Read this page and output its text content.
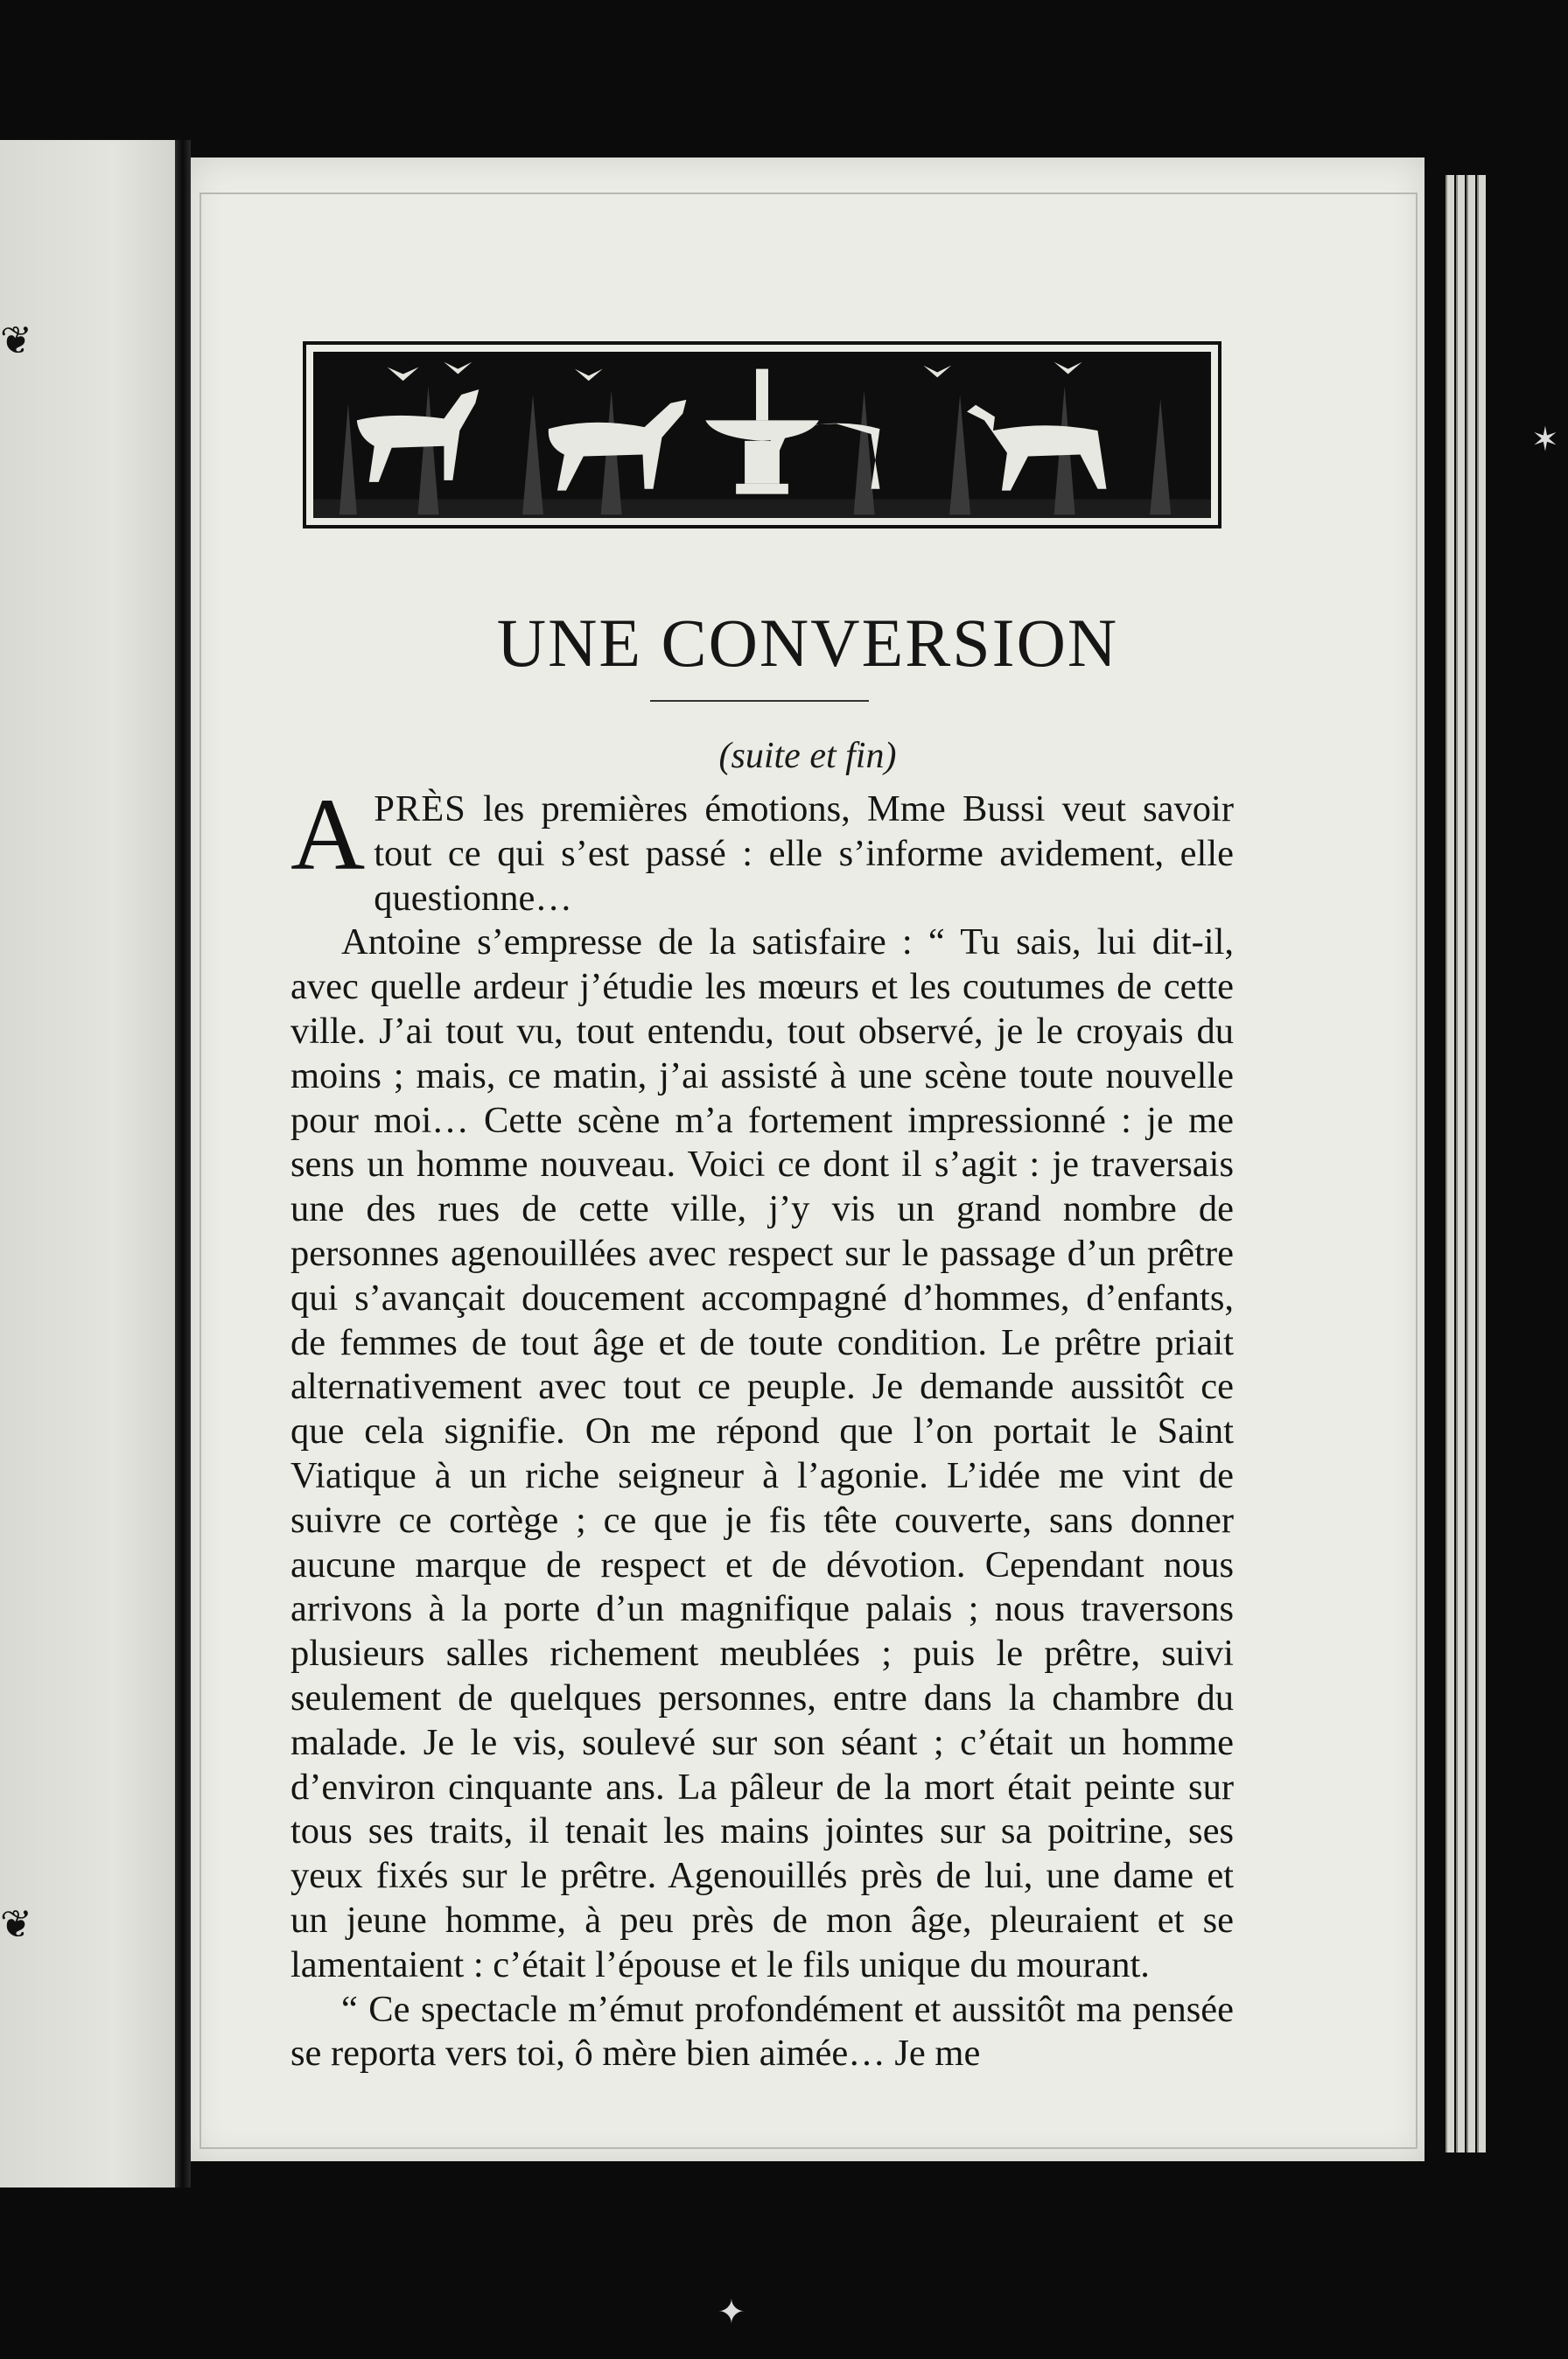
❦
❦
UNE CONVERSION
(suite et fin)

APRÈS les premières émotions, Mme Bussi veut savoir tout ce qui s’est passé : elle s’informe avidement, elle questionne…

Antoine s’empresse de la satisfaire : “ Tu sais, lui dit-il, avec quelle ardeur j’étudie les mœurs et les coutumes de cette ville. J’ai tout vu, tout entendu, tout observé, je le croyais du moins ; mais, ce matin, j’ai assisté à une scène toute nouvelle pour moi… Cette scène m’a fortement impressionné : je me sens un homme nouveau. Voici ce dont il s’agit : je traversais une des rues de cette ville, j’y vis un grand nombre de personnes agenouillées avec respect sur le passage d’un prêtre qui s’avançait doucement accompagné d’hommes, d’enfants, de femmes de tout âge et de toute condition. Le prêtre priait alternativement avec tout ce peuple. Je demande aussitôt ce que cela signifie. On me répond que l’on portait le Saint Viatique à un riche seigneur à l’agonie. L’idée me vint de suivre ce cortège ; ce que je fis tête couverte, sans donner aucune marque de respect et de dévotion. Cependant nous arrivons à la porte d’un magnifique palais ; nous traversons plusieurs salles richement meublées ; puis le prêtre, suivi seulement de quelques personnes, entre dans la chambre du malade. Je le vis, soulevé sur son séant ; c’était un homme d’environ cinquante ans. La pâleur de la mort était peinte sur tous ses traits, il tenait les mains jointes sur sa poitrine, ses yeux fixés sur le prêtre. Agenouillés près de lui, une dame et un jeune homme, à peu près de mon âge, pleuraient et se lamentaient : c’était l’épouse et le fils unique du mourant.

“ Ce spectacle m’émut profondément et aussitôt ma pensée se reporta vers toi, ô mère bien aimée… Je me

✶
✦
